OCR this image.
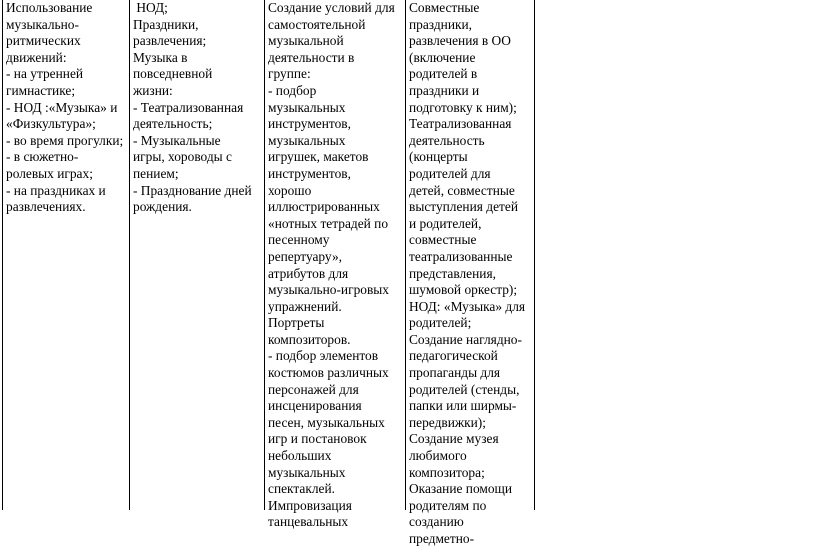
Использование
музыкально-
ритмических
движений:
- на утренней
гимнастике;
- НОД :«Музыка» и
«Физкультура»;
- во время прогулки;
- в сюжетно-
ролевых играх;
- на праздниках и
развлечениях.
НОД;
Праздники,
развлечения;
Музыка в
повседневной
жизни:
- Театрализованная
деятельность;
- Музыкальные
игры, хороводы с
пением;
- Празднование дней
рождения.
Создание условий для
самостоятельной
музыкальной
деятельности в
группе:
- подбор
музыкальных
инструментов,
музыкальных
игрушек, макетов
инструментов,
хорошо
иллюстрированных
«нотных тетрадей по
песенному
репертуару»,
атрибутов для
музыкально-игровых
упражнений.
Портреты
композиторов.
- подбор элементов
костюмов различных
персонажей для
инсценирования
песен, музыкальных
игр и постановок
небольших
музыкальных
спектаклей.
Импровизация
танцевальных
Совместные
праздники,
развлечения в ОО
(включение
родителей в
праздники и
подготовку к ним);
Театрализованная
деятельность
(концерты
родителей для
детей, совместные
выступления детей
и родителей,
совместные
театрализованные
представления,
шумовой оркестр);
НОД: «Музыка» для
родителей;
Создание наглядно-
педагогической
пропаганды для
родителей (стенды,
папки или ширмы-
передвижки);
Создание музея
любимого
композитора;
Оказание помощи
родителям по
созданию
предметно-
